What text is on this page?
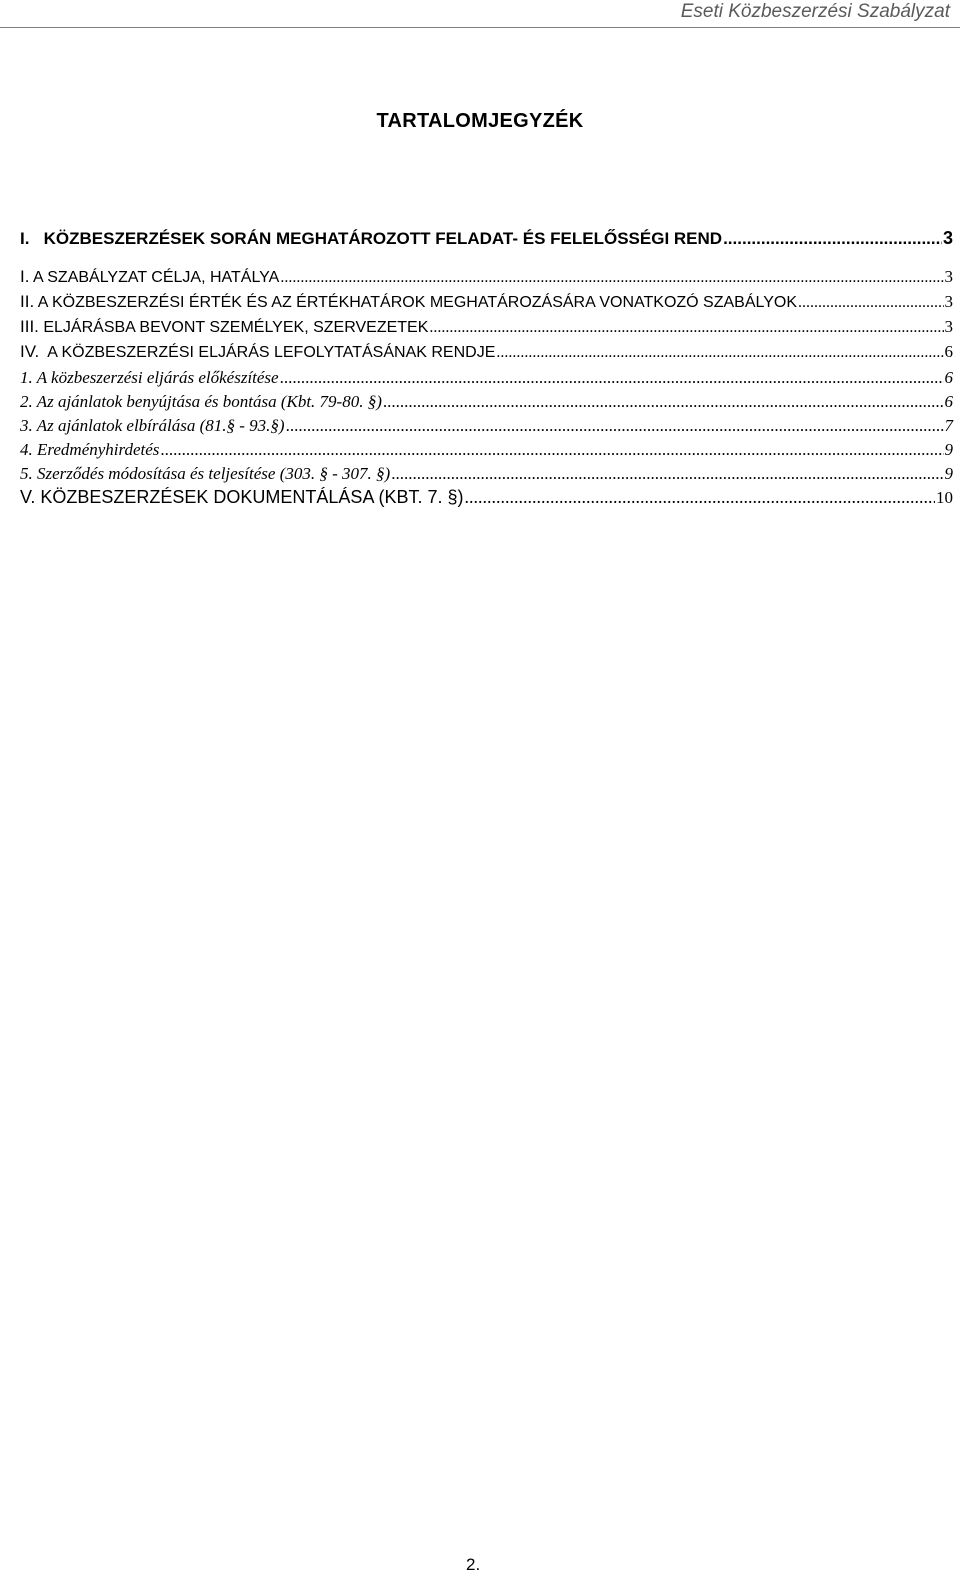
Eseti Közbeszerzési Szabályzat
TARTALOMJEGYZÉK
I. KÖZBESZERZÉSEK SORÁN MEGHATÁROZOTT FELADAT- ÉS FELELŐSSÉGI REND .....	3
I. A SZABÁLYZAT CÉLJA, HATÁLYA .....	3
II. A KÖZBESZERZÉSI ÉRTÉK ÉS AZ ÉRTÉKHATÁROK MEGHATÁROZÁSÁRA VONATKOZÓ SZABÁLYOK .....	3
III. ELJÁRÁSBA BEVONT SZEMÉLYEK, SZERVEZETEK .....	3
IV. A KÖZBESZERZÉSI ELJÁRÁS LEFOLYTATÁSÁNAK RENDJE .....	6
1. A közbeszerzési eljárás előkészítése .....	6
2. Az ajánlatok benyújtása és bontása (Kbt. 79-80. §) .....	6
3. Az ajánlatok elbírálása (81.§ - 93.§) .....	7
4. Eredményhirdetés .....	9
5. Szerződés módosítása és teljesítése (303. § - 307. §) .....	9
V. KÖZBESZERZÉSEK DOKUMENTÁLÁSA (KBT. 7. §) .....	10
2.
